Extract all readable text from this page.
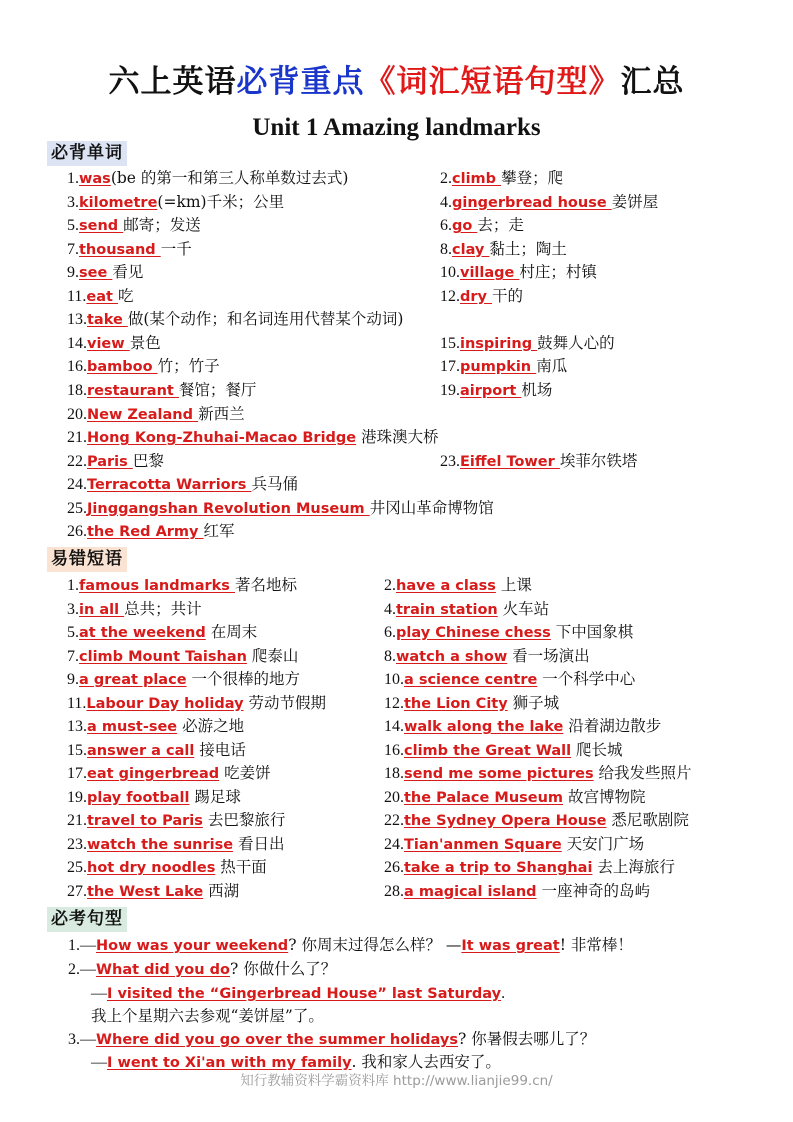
六上英语必背重点《词汇短语句型》汇总
Unit 1 Amazing landmarks
必背单词
易错短语
必考句型
1.was(be 的第一和第三人称单数过去式)	2.climb 攀登；爬
3.kilometre(=km)千米；公里	4.gingerbread house 姜饼屋
5.send 邮寄；发送	6.go 去；走
7.thousand 一千	8.clay 黏土；陶土
9.see 看见	10.village 村庄；村镇
11.eat 吃	12.dry 干的
13.take 做(某个动作；和名词连用代替某个动词)
14.view 景色	15.inspiring 鼓舞人心的
16.bamboo 竹；竹子	17.pumpkin 南瓜
18.restaurant 餐馆；餐厅	19.airport 机场
20.New Zealand 新西兰
21.Hong Kong-Zhuhai-Macao Bridge 港珠澳大桥
22.Paris 巴黎	23.Eiffel Tower 埃菲尔铁塔
24.Terracotta Warriors 兵马俑
25.Jinggangshan Revolution Museum 井冈山革命博物馆
26.the Red Army 红军
1.famous landmarks 著名地标	2.have a class 上课
3.in all 总共；共计	4.train station 火车站
5.at the weekend 在周末	6.play Chinese chess 下中国象棋
7.climb Mount Taishan 爬泰山	8.watch a show 看一场演出
9.a great place 一个很棒的地方	10.a science centre 一个科学中心
11.Labour Day holiday 劳动节假期	12.the Lion City 狮子城
13.a must-see 必游之地	14.walk along the lake 沿着湖边散步
15.answer a call 接电话	16.climb the Great Wall 爬长城
17.eat gingerbread 吃姜饼	18.send me some pictures 给我发些照片
19.play football 踢足球	20.the Palace Museum 故宫博物院
21.travel to Paris 去巴黎旅行	22.the Sydney Opera House 悉尼歌剧院
23.watch the sunrise 看日出	24.Tian'anmen Square 天安门广场
25.hot dry noodles 热干面	26.take a trip to Shanghai 去上海旅行
27.the West Lake 西湖	28.a magical island 一座神奇的岛屿
1.—How was your weekend? 你周末过得怎么样？ —It was great! 非常棒！
2.—What did you do? 你做什么了？
—I visited the “Gingerbread House” last Saturday.
我上个星期六去参观“姜饼屋”了。
3.—Where did you go over the summer holidays? 你暑假去哪儿了？
—I went to Xi'an with my family. 我和家人去西安了。
知行教辅资料学霸资料库 http://www.lianjie99.cn/
